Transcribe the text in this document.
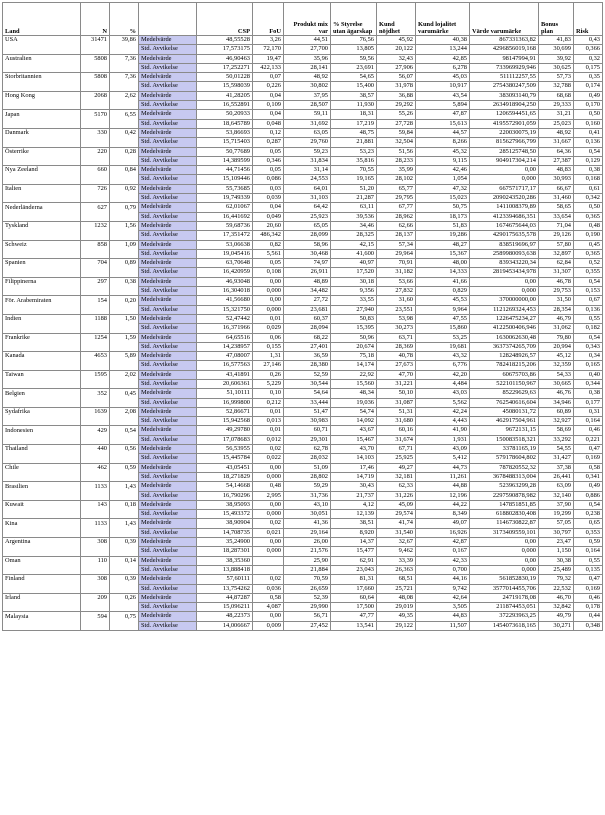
Land	N	%		CSP	FoU	Produkt mix var	% Styrelse utan ägarskap	Kund nöjdhet	Kund lojalitet varumärke	Värde varumärke	Bonus plan	Risk
USA	31471	39,86	Medelvärde	48,55528	3,26	44,51	76,56	45,92	40,38	867331363,82	41,83	0,43
			Std. Avvikelse	17,573175	72,170	27,700	13,805	20,122	13,244	4296856019,168	30,699	0,366
Australien	5808	7,36	Medelvärde	46,90463	19,47	35,96	59,56	32,43	42,85	98147994,91	39,92	0,32
			Std. Avvikelse	17,252271	422,133	28,141	23,691	27,906	6,278	733969929,946	30,625	0,175
Storbritannien	5808	7,36	Medelvärde	50,01228	0,07	48,92	54,65	56,07	45,03	511112257,55	57,73	0,35
			Std. Avvikelse	15,598039	0,226	30,802	15,400	31,978	10,917	2754380247,509	32,788	0,174
Hong Kong	2068	2,62	Medelvärde	41,28205	0,04	37,95	38,57	36,88	43,54	383093140,79	68,68	0,49
			Std. Avvikelse	16,552891	0,109	28,507	11,930	29,292	5,894	2634918904,250	29,333	0,170
Japan	5170	6,55	Medelvärde	50,20933	0,04	59,11	18,31	55,26	47,87	1206594451,65	31,21	0,50
			Std. Avvikelse	18,645789	0,048	31,692	17,219	27,728	15,613	4195572901,059	25,023	0,160
Danmark	330	0,42	Medelvärde	53,86693	0,12	63,05	48,75	59,84	44,57	220030075,19	48,92	0,41
			Std. Avvikelse	15,715403	0,287	29,760	21,881	32,504	8,266	815627966,799	31,667	0,136
Österrike	220	0,28	Medelvärde	50,77689	0,05	59,23	53,23	51,56	45,32	285125748,50	64,36	0,54
			Std. Avvikelse	14,389599	0,346	31,834	35,816	28,233	9,115	904917304,214	27,387	0,129
Nya Zeeland	660	0,84	Medelvärde	44,71456	0,05	31,14	70,55	35,99	42,46	0,00	48,83	0,38
			Std. Avvikelse	15,109446	0,086	24,553	19,165	28,102	1,054	0,000	30,993	0,168
Italien	726	0,92	Medelvärde	55,73685	0,03	64,01	51,20	65,77	47,32	667571717,17	66,67	0,61
			Std. Avvikelse	19,749339	0,039	31,103	21,287	29,795	15,023	2090243520,286	31,460	0,342
Nederländerna	627	0,79	Medelvärde	62,01067	0,04	64,42	63,11	67,77	50,75	1411008379,89	58,65	0,50
			Std. Avvikelse	16,441692	0,049	25,923	39,536	28,962	18,173	4123394686,351	33,654	0,365
Tyskland	1232	1,56	Medelvärde	59,68736	20,60	65,05	34,46	62,66	51,83	1674675644,03	71,04	0,48
			Std. Avvikelse	17,351472	486,342	28,099	28,325	28,137	19,286	4290175635,578	29,126	0,190
Schweiz	858	1,09	Medelvärde	53,06638	0,82	58,96	42,15	57,34	48,27	838519696,97	57,80	0,45
			Std. Avvikelse	19,045416	5,561	30,468	41,600	29,964	15,367	2589980093,638	32,897	0,365
Spanien	704	0,89	Medelvärde	63,70648	0,05	74,97	40,97	70,91	48,00	839343220,34	62,84	0,52
			Std. Avvikelse	16,420959	0,108	26,911	17,520	31,182	14,333	2819453434,978	31,307	0,355
Filippinerna	297	0,38	Medelvärde	46,93048	0,00	48,89	30,18	53,66	41,66	0,00	46,78	0,54
			Std. Avvikelse	16,304018	0,000	34,482	9,356	27,832	0,829	0,000	29,753	0,153
För. Arabemiraten	154	0,20	Medelvärde	41,56680	0,00	27,72	33,55	31,60	45,53	370000000,00	31,50	0,67
			Std. Avvikelse	15,321750	0,000	23,681	27,940	23,551	9,964	1121269324,453	28,354	0,136
Indien	1188	1,50	Medelvärde	52,47442	0,01	60,37	50,83	53,98	47,55	1226475234,27	46,79	0,55
			Std. Avvikelse	16,371966	0,029	28,094	15,395	30,273	15,860	4122500406,946	31,062	0,182
Frankrike	1254	1,59	Medelvärde	64,65516	0,06	68,22	50,96	63,71	53,25	1630062630,48	79,80	0,54
			Std. Avvikelse	14,238957	0,155	27,401	20,674	28,369	19,681	3637374265,709	20,994	0,343
Kanada	4653	5,89	Medelvärde	47,08007	1,31	36,59	75,18	40,78	43,32	128248926,57	45,12	0,34
			Std. Avvikelse	16,577563	27,146	28,380	14,174	27,673	6,776	782418215,206	32,359	0,165
Taiwan	1595	2,02	Medelvärde	43,41891	0,26	52,59	22,92	47,70	42,20	60675703,86	54,33	0,40
			Std. Avvikelse	20,606361	5,229	30,544	15,560	31,221	4,484	522101150,967	30,665	0,344
Belgien	352	0,45	Medelvärde	51,10111	0,10	54,64	48,34	50,10	43,03	85229629,63	46,76	0,38
			Std. Avvikelse	16,999800	0,212	33,444	19,036	31,087	5,562	762540616,604	34,946	0,177
Sydafrika	1639	2,08	Medelvärde	52,86671	0,01	51,47	54,74	51,31	42,24	45080131,72	60,89	0,31
			Std. Avvikelse	15,942568	0,013	30,983	14,092	31,680	4,443	462917504,961	32,927	0,164
Indonesien	429	0,54	Medelvärde	49,29780	0,01	60,71	43,67	60,16	41,90	9672131,15	58,69	0,46
			Std. Avvikelse	17,078683	0,012	29,301	15,467	31,674	1,931	150083518,321	33,292	0,221
Thailand	440	0,56	Medelvärde	56,53955	0,02	62,78	43,70	67,71	43,09	33781165,19	54,55	0,47
			Std. Avvikelse	15,445784	0,022	28,032	14,103	25,925	5,412	579178604,802	31,427	0,169
Chile	462	0,59	Medelvärde	43,05451	0,00	51,09	17,46	49,27	44,73	787820552,32	37,38	0,58
			Std. Avvikelse	18,271829	0,000	28,802	14,719	32,181	11,261	3678488313,004	26,441	0,341
Brasilien	1133	1,43	Medelvärde	54,14668	0,48	59,29	30,43	62,33	44,88	523963299,28	63,09	0,49
			Std. Avvikelse	16,790296	2,995	31,736	21,737	31,226	12,196	2297590878,982	32,140	0,886
Kuwait	143	0,18	Medelvärde	38,95093	0,00	43,10	4,12	45,09	44,22	147851851,85	37,90	0,54
			Std. Avvikelse	15,493372	0,000	30,051	12,139	29,574	8,349	618802830,408	19,299	0,238
Kina	1133	1,43	Medelvärde	38,90904	0,02	41,36	38,51	41,74	49,07	1146730822,87	57,05	0,65
			Std. Avvikelse	14,708735	0,021	29,164	8,920	31,540	16,926	3173409559,101	30,797	0,353
Argentina	308	0,39	Medelvärde	35,24900	0,00	26,00	14,37	32,67	42,87	0,00	23,47	0,59
			Std. Avvikelse	18,287301	0,000	21,576	15,477	9,462	0,167	0,000	1,150	0,164
Oman	110	0,14	Medelvärde	38,35360		25,90	62,91	33,39	42,33	0,00	30,38	0,55
			Std. Avvikelse	13,888418		21,884	23,043	26,363	0,700	0,000	25,489	0,135
Finland	308	0,39	Medelvärde	57,60111	0,02	70,59	81,31	68,51	44,16	561852830,19	79,32	0,47
			Std. Avvikelse	13,754262	0,036	26,659	17,660	25,721	9,742	3577014455,706	22,532	0,169
Irland	209	0,26	Medelvärde	44,87287	0,58	52,39	60,64	48,08	42,64	24719178,08	46,70	0,46
			Std. Avvikelse	15,096211	4,087	29,990	17,500	29,019	3,505	211874453,051	32,842	0,178
Malaysia	594	0,75	Medelvärde	48,22373	0,00	56,71	47,77	49,35	44,83	372293963,25	49,79	0,44
			Std. Avvikelse	14,006667	0,009	27,452	13,541	29,122	11,507	1454073618,165	30,271	0,348
